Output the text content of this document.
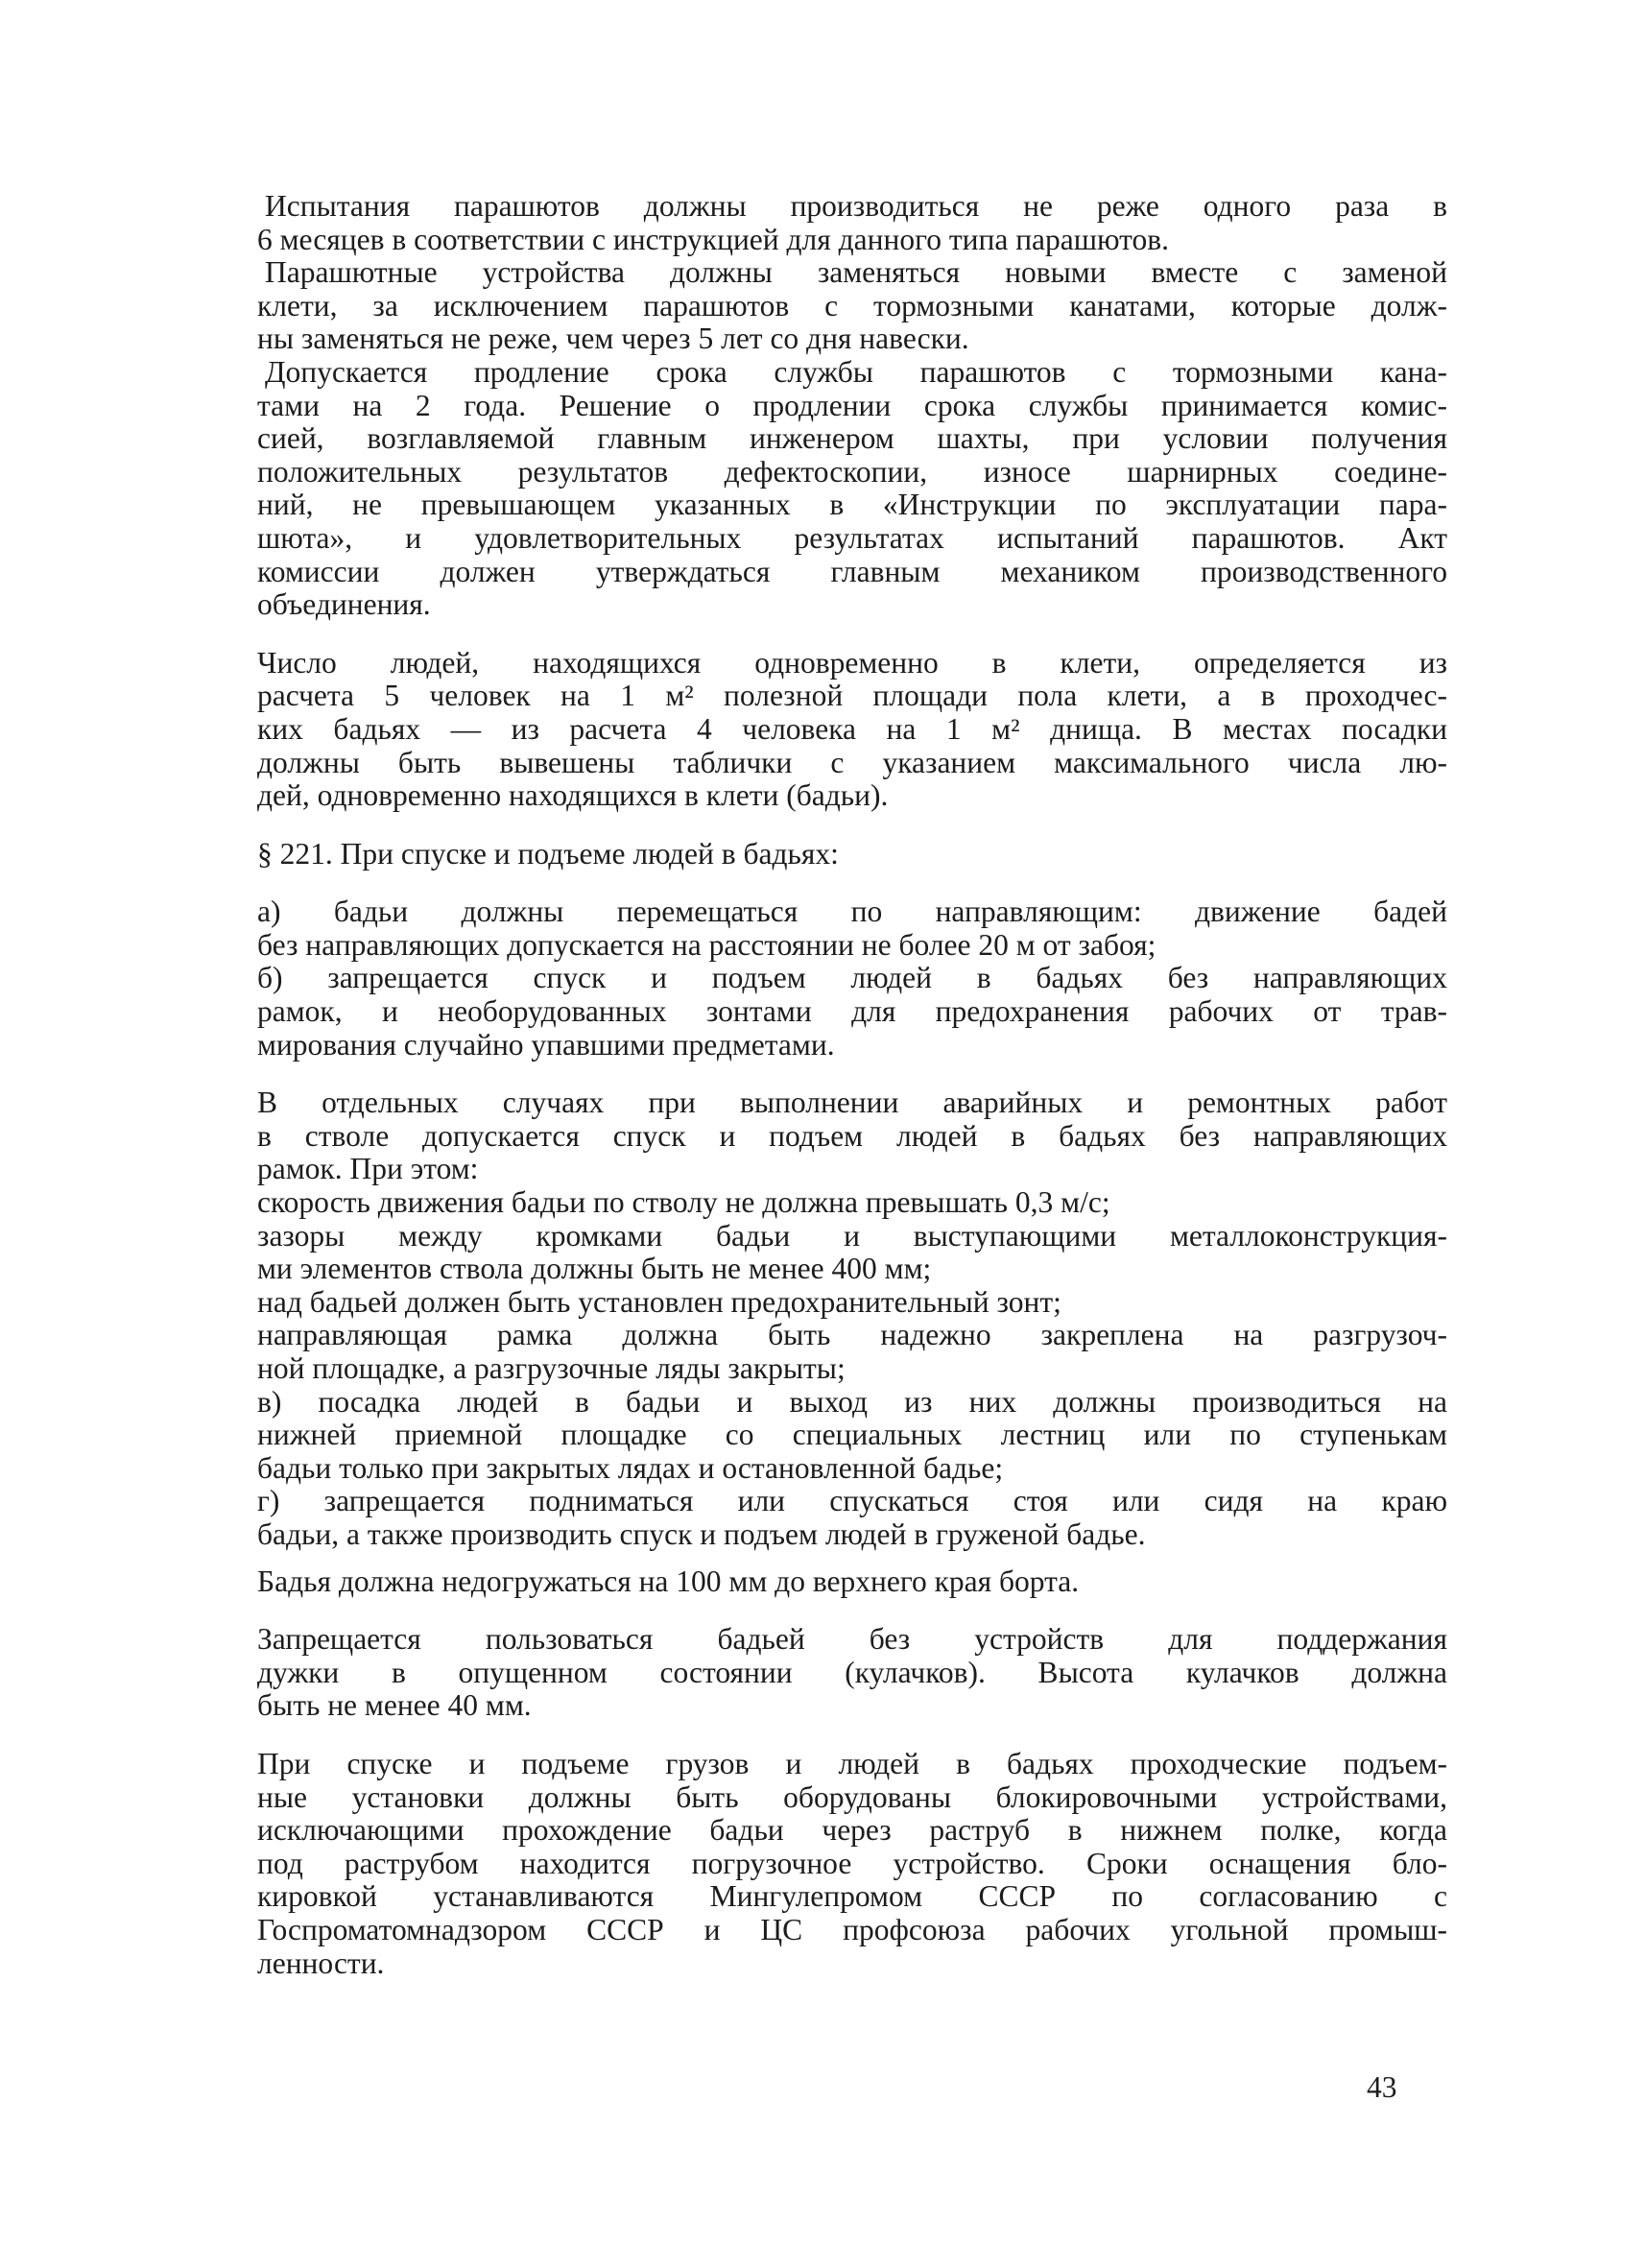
Испытания парашютов должны производиться не реже одного раза в
6 месяцев в соответствии с инструкцией для данного типа парашютов.
Парашютные устройства должны заменяться новыми вместе с заменой
клети, за исключением парашютов с тормозными канатами, которые долж-
ны заменяться не реже, чем через 5 лет со дня навески.
Допускается продление срока службы парашютов с тормозными кана-
тами на 2 года. Решение о продлении срока службы принимается комис-
сией, возглавляемой главным инженером шахты, при условии получения
положительных результатов дефектоскопии, износе шарнирных соедине-
ний, не превышающем указанных в «Инструкции по эксплуатации пара-
шюта», и удовлетворительных результатах испытаний парашютов. Акт
комиссии должен утверждаться главным механиком производственного
объединения.
Число людей, находящихся одновременно в клети, определяется из
расчета 5 человек на 1 м² полезной площади пола клети, а в проходчес-
ких бадьях — из расчета 4 человека на 1 м² днища. В местах посадки
должны быть вывешены таблички с указанием максимального числа лю-
дей, одновременно находящихся в клети (бадьи).
§ 221. При спуске и подъеме людей в бадьях:
а) бадьи должны перемещаться по направляющим: движение бадей
без направляющих допускается на расстоянии не более 20 м от забоя;
б) запрещается спуск и подъем людей в бадьях без направляющих
рамок, и необорудованных зонтами для предохранения рабочих от трав-
мирования случайно упавшими предметами.
В отдельных случаях при выполнении аварийных и ремонтных работ
в стволе допускается спуск и подъем людей в бадьях без направляющих
рамок. При этом:
скорость движения бадьи по стволу не должна превышать 0,3 м/с;
зазоры между кромками бадьи и выступающими металлоконструкция-
ми элементов ствола должны быть не менее 400 мм;
над бадьей должен быть установлен предохранительный зонт;
направляющая рамка должна быть надежно закреплена на разгрузоч-
ной площадке, а разгрузочные ляды закрыты;
в) посадка людей в бадьи и выход из них должны производиться на
нижней приемной площадке со специальных лестниц или по ступенькам
бадьи только при закрытых лядах и остановленной бадье;
г) запрещается подниматься или спускаться стоя или сидя на краю
бадьи, а также производить спуск и подъем людей в груженой бадье.
Бадья должна недогружаться на 100 мм до верхнего края борта.
Запрещается пользоваться бадьей без устройств для поддержания
дужки в опущенном состоянии (кулачков). Высота кулачков должна
быть не менее 40 мм.
При спуске и подъеме грузов и людей в бадьях проходческие подъем-
ные установки должны быть оборудованы блокировочными устройствами,
исключающими прохождение бадьи через раструб в нижнем полке, когда
под раструбом находится погрузочное устройство. Сроки оснащения бло-
кировкой устанавливаются Мингулепромом СССР по согласованию с
Госпроматомнадзором СССР и ЦС профсоюза рабочих угольной промыш-
ленности.
43
